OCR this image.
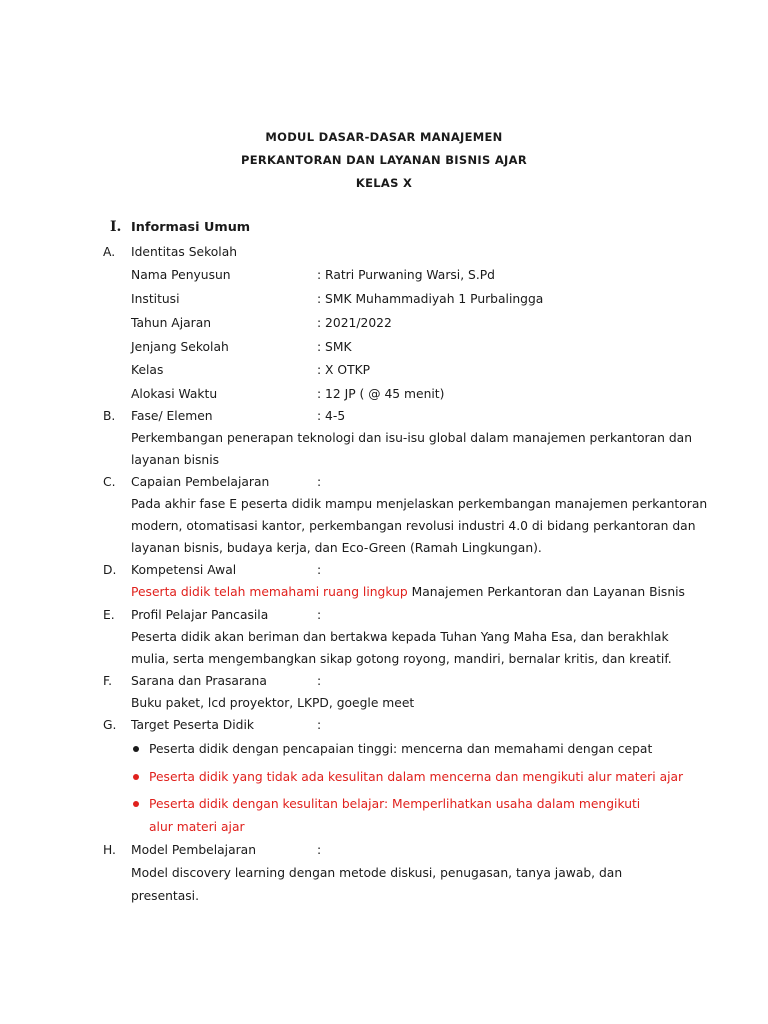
MODUL DASAR-DASAR MANAJEMEN
PERKANTORAN DAN LAYANAN BISNIS AJAR
KELAS X
I. Informasi Umum
A. Identitas Sekolah
Nama Penyusun	: Ratri Purwaning Warsi, S.Pd
Institusi	: SMK Muhammadiyah 1 Purbalingga
Tahun Ajaran	: 2021/2022
Jenjang Sekolah	: SMK
Kelas	: X OTKP
Alokasi Waktu	: 12 JP ( @ 45 menit)
B. Fase/ Elemen	: 4-5
Perkembangan penerapan teknologi dan isu-isu global dalam manajemen perkantoran dan
layanan bisnis
C. Capaian Pembelajaran	:
Pada akhir fase E peserta didik mampu menjelaskan perkembangan manajemen perkantoran
modern, otomatisasi kantor, perkembangan revolusi industri 4.0 di bidang perkantoran dan
layanan bisnis, budaya kerja, dan Eco-Green (Ramah Lingkungan).
D. Kompetensi Awal	:
Peserta didik telah memahami ruang lingkup Manajemen Perkantoran dan Layanan Bisnis
E. Profil Pelajar Pancasila	:
Peserta didik akan beriman dan bertakwa kepada Tuhan Yang Maha Esa, dan berakhlak
mulia, serta mengembangkan sikap gotong royong, mandiri, bernalar kritis, dan kreatif.
F. Sarana dan Prasarana	:
Buku paket, lcd proyektor, LKPD, goegle meet
G. Target Peserta Didik	:
Peserta didik dengan pencapaian tinggi: mencerna dan memahami dengan cepat
Peserta didik yang tidak ada kesulitan dalam mencerna dan mengikuti alur materi ajar
Peserta didik dengan kesulitan belajar: Memperlihatkan usaha dalam mengikuti
alur materi ajar
H. Model Pembelajaran	:
Model discovery learning dengan metode diskusi, penugasan, tanya jawab, dan
presentasi.
